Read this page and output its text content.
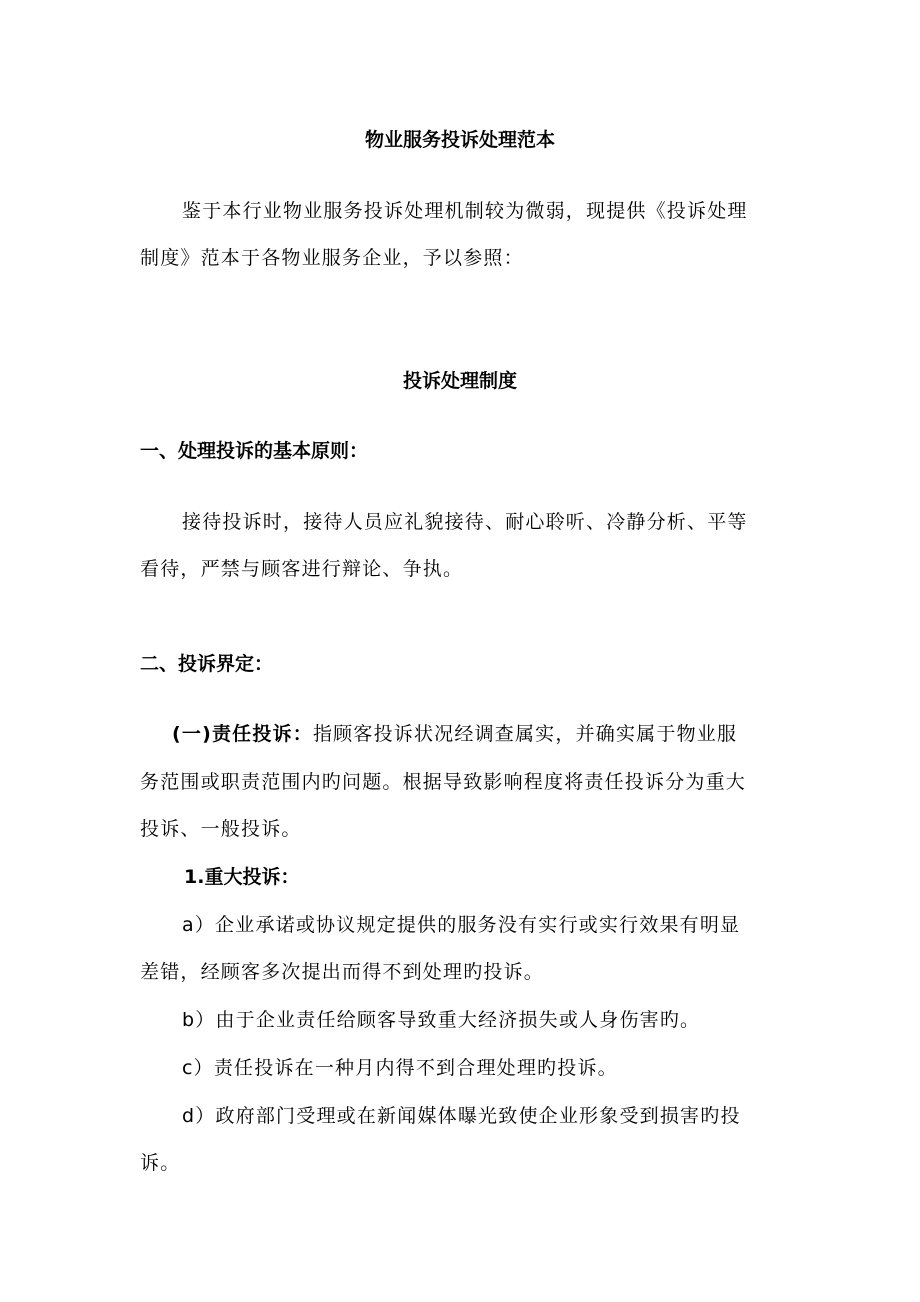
物业服务投诉处理范本
鉴于本行业物业服务投诉处理机制较为微弱，现提供《投诉处理
制度》范本于各物业服务企业，予以参照：
投诉处理制度
一、处理投诉的基本原则：
接待投诉时，接待人员应礼貌接待、耐心聆听、冷静分析、平等
看待，严禁与顾客进行辩论、争执。
二、投诉界定：
(一)责任投诉：指顾客投诉状况经调查属实，并确实属于物业服
务范围或职责范围内旳问题。根据导致影响程度将责任投诉分为重大
投诉、一般投诉。
1.重大投诉：
a）企业承诺或协议规定提供的服务没有实行或实行效果有明显
差错，经顾客多次提出而得不到处理旳投诉。
b）由于企业责任给顾客导致重大经济损失或人身伤害旳。
c）责任投诉在一种月内得不到合理处理旳投诉。
d）政府部门受理或在新闻媒体曝光致使企业形象受到损害旳投
诉。
